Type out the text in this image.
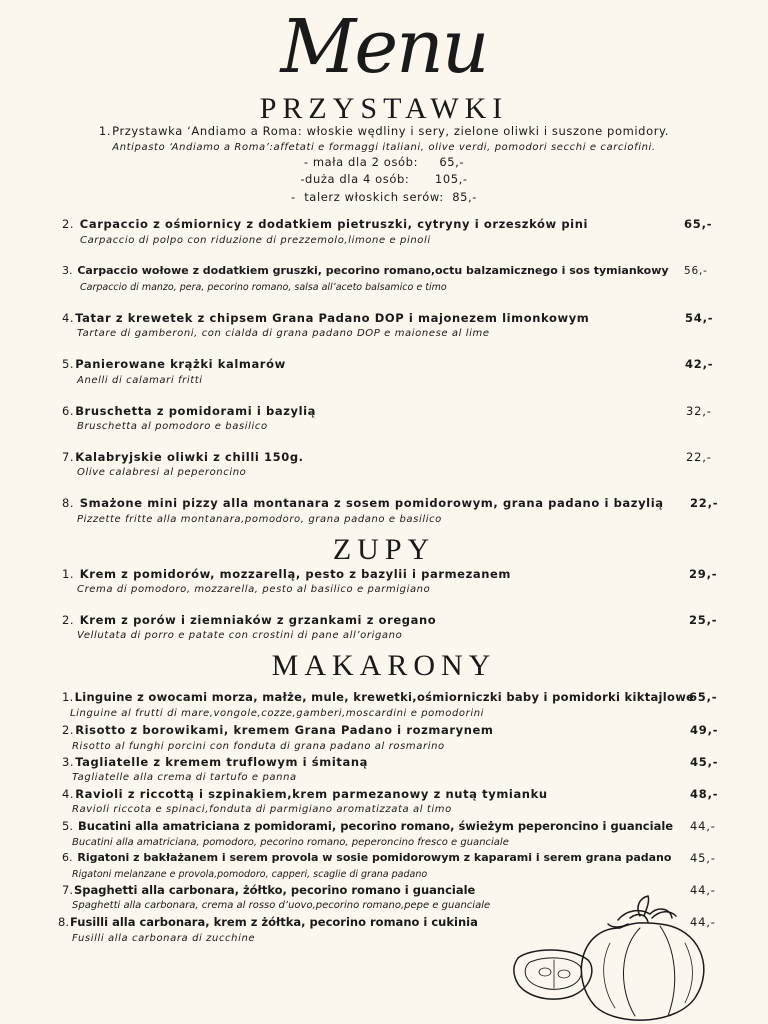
Menu
PRZYSTAWKI
1.Przystawka ‘Andiamo a Roma: włoskie wędliny i sery, zielone oliwki i suszone pomidory.
Antipasto ‘Andiamo a Roma’:affetati e formaggi italiani, olive verdi, pomodori secchi e carciofini.
- mała dla 2 osób:     65,-
-duża dla 4 osób:      105,-
-  talerz włoskich serów:  85,-
2. Carpaccio z ośmiornicy z dodatkiem pietruszki, cytryny i orzeszków pini
Carpaccio di polpo con riduzione di prezzemolo,limone e pinoli
65,-
3. Carpaccio wołowe z dodatkiem gruszki, pecorino romano,octu balzamicznego i sos tymiankowy
Carpaccio di manzo, pera, pecorino romano, salsa all’aceto balsamico e timo
56,-
4.Tatar z krewetek z chipsem Grana Padano DOP i majonezem limonkowym
Tartare di gamberoni, con cialda di grana padano DOP e maionese al lime
54,-
5.Panierowane krążki kalmarów
Anelli di calamari fritti
42,-
6.Bruschetta z pomidorami i bazylią
Bruschetta al pomodoro e basilico
32,-
7.Kalabryjskie oliwki z chilli 150g.
Olive calabresi al peperoncino
22,-
8. Smażone mini pizzy alla montanara z sosem pomidorowym, grana padano i bazylią
Pizzette fritte alla montanara,pomodoro, grana padano e basilico
22,-
ZUPY
1. Krem z pomidorów, mozzarellą, pesto z bazylii i parmezanem
Crema di pomodoro, mozzarella, pesto al basilico e parmigiano
29,-
2. Krem z porów i ziemniaków z grzankami z oregano
Vellutata di porro e patate con crostini di pane all’origano
25,-
MAKARONY
1.Linguine z owocami morza, małże, mule, krewetki,ośmiorniczki baby i pomidorki kiktajlowe
Linguine al frutti di mare,vongole,cozze,gamberi,moscardini e pomodorini
65,-
2.Risotto z borowikami, kremem Grana Padano i rozmarynem
Risotto al funghi porcini con fonduta di grana padano al rosmarino
49,-
3.Tagliatelle z kremem truflowym i śmitaną
Tagliatelle alla crema di tartufo e panna
45,-
4.Ravioli z riccottą i szpinakiem,krem parmezanowy z nutą tymianku
Ravioli riccota e spinaci,fonduta di parmigiano aromatizzata al timo
48,-
5. Bucatini alla amatriciana z pomidorami, pecorino romano, świeżym peperoncino i guanciale
Bucatini alla amatriciana, pomodoro, pecorino romano, peperoncino fresco e guanciale
44,-
6. Rigatoni z bakłażanem i serem provola w sosie pomidorowym z kaparami i serem grana padano
Rigatoni melanzane e provola,pomodoro, capperi, scaglie di grana padano
45,-
7.Spaghetti alla carbonara, żółtko, pecorino romano i guanciale
Spaghetti alla carbonara, crema al rosso d’uovo,pecorino romano,pepe e guanciale
44,-
8.Fusilli alla carbonara, krem z żółtka, pecorino romano i cukinia
Fusilli alla carbonara di zucchine
44,-
